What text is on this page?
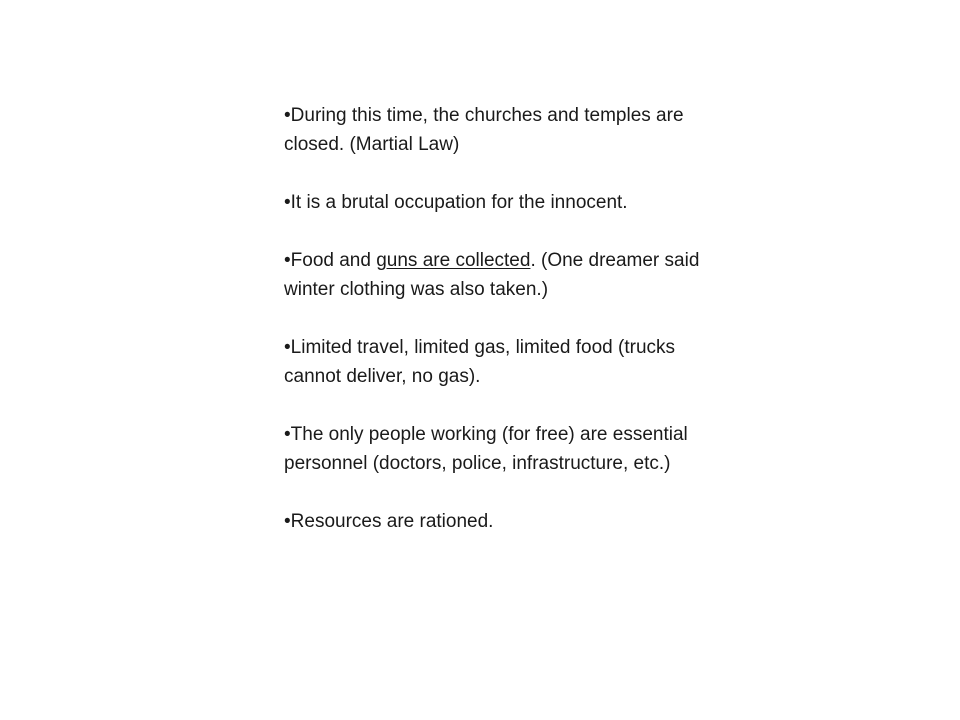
•During this time, the churches and temples are closed. (Martial Law)

•It is a brutal occupation for the innocent.

•Food and guns are collected. (One dreamer said winter clothing was also taken.)

•Limited travel, limited gas, limited food (trucks cannot deliver, no gas).

•The only people working (for free) are essential personnel (doctors, police, infrastructure, etc.)

•Resources are rationed.
